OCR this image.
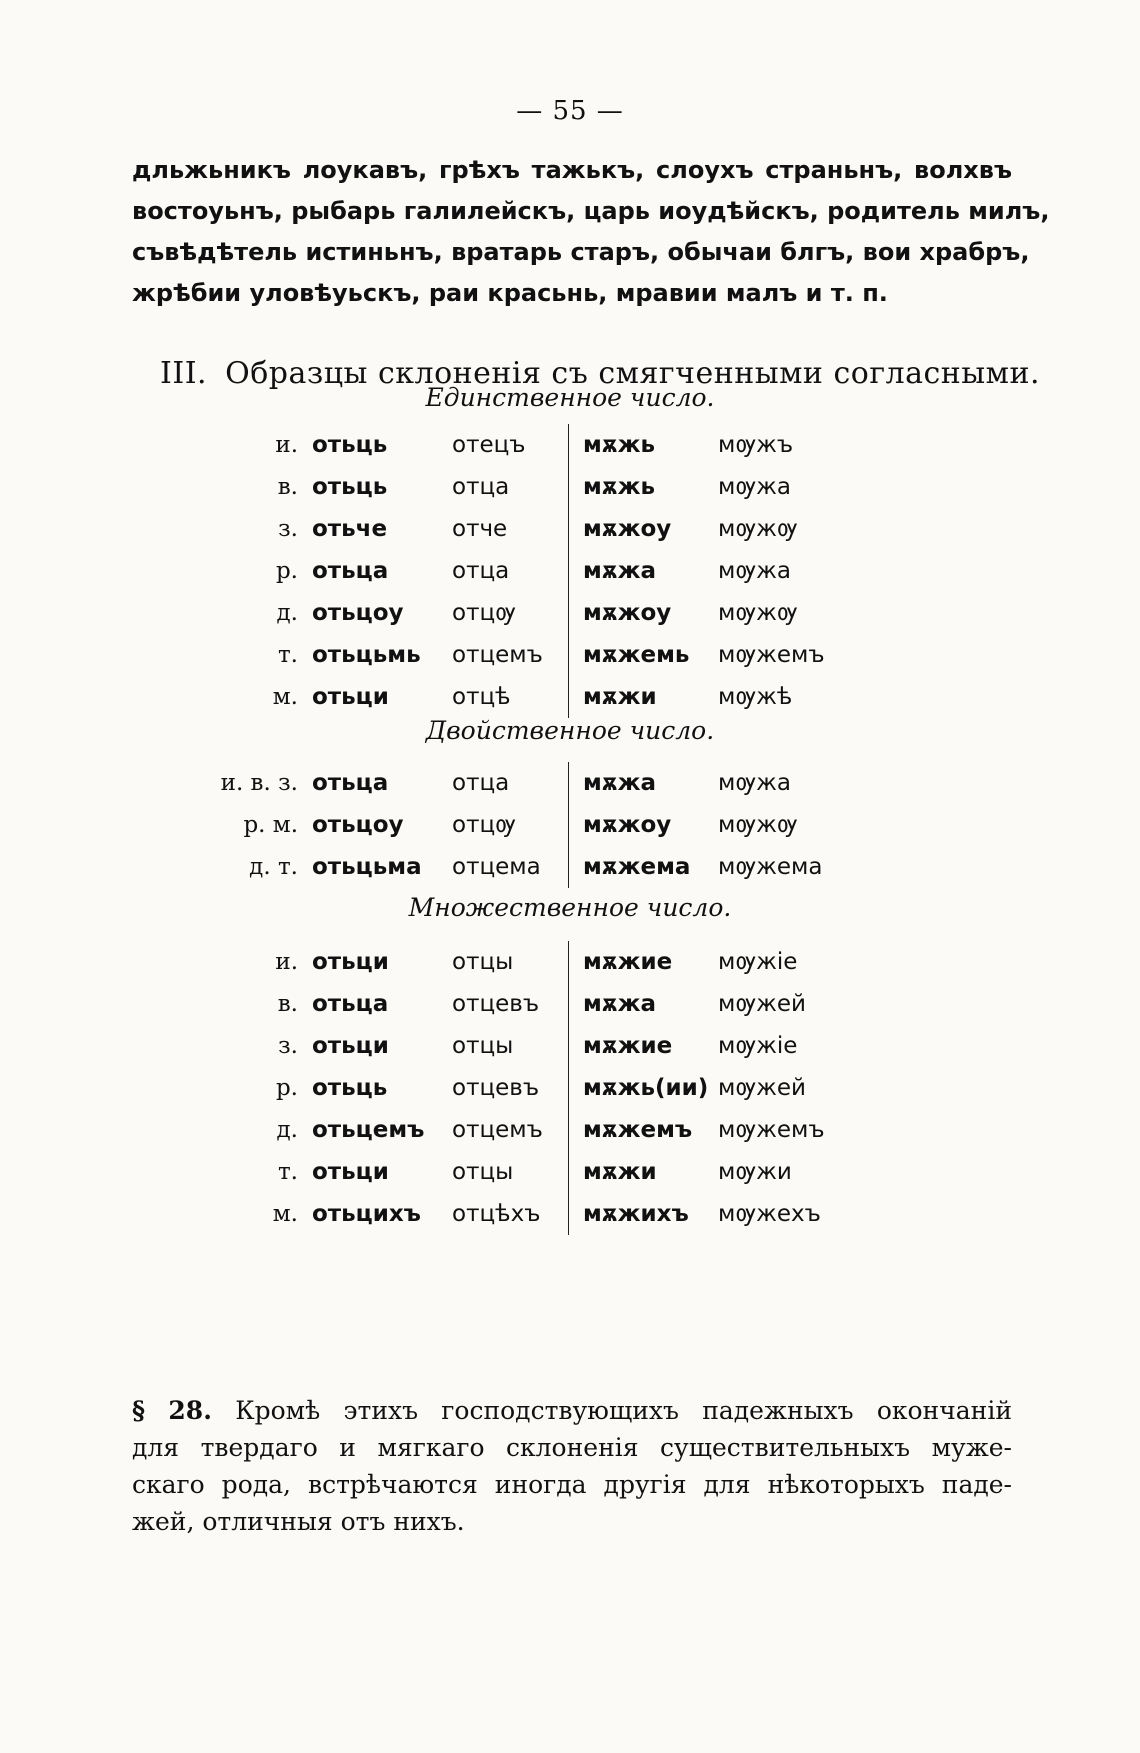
— 55 —
дльжьникъ лоукавъ, грѣхъ тажькъ, слоухъ страньнъ, волхвъ
востоуьнъ, рыбарь галилейскъ, царь иоудѣйскъ, родитель милъ,
съвѣдѣтель истиньнъ, вратарь старъ, обычаи блгъ, вои храбръ,
жрѣбии уловѣуьскъ, раи красьнь, мравии малъ и т. п.
III. Образцы склоненія съ смягченными согласными.
Единственное число.
и.	отьць	отецъ	мѫжь	мѹжъ
в.	отьць	отца	мѫжь	мѹжа
з.	отьче	отче	мѫжоу	мѹжѹ
р.	отьца	отца	мѫжа	мѹжа
д.	отьцоу	отцѹ	мѫжоу	мѹжѹ
т.	отьцьмь	отцемъ	мѫжемь	мѹжемъ
м.	отьци	отцѣ	мѫжи	мѹжѣ
Двойственное число.
и. в. з.	отьца	отца	мѫжа	мѹжа
р. м.	отьцоу	отцѹ	мѫжоу	мѹжѹ
д. т.	отьцьма	отцема	мѫжема	мѹжема
Множественное число.
и.	отьци	отцы	мѫжие	мѹжіе
в.	отьца	отцевъ	мѫжа	мѹжей
з.	отьци	отцы	мѫжие	мѹжіе
р.	отьць	отцевъ	мѫжь(ии)	мѹжей
д.	отьцемъ	отцемъ	мѫжемъ	мѹжемъ
т.	отьци	отцы	мѫжи	мѹжи
м.	отьцихъ	отцѣхъ	мѫжихъ	мѹжехъ
§ 28. Кромѣ этихъ господствующихъ падежныхъ окончаній
для твердаго и мягкаго склоненія существительныхъ муже-
скаго рода, встрѣчаются иногда другія для нѣкоторыхъ паде-
жей, отличныя отъ нихъ.
